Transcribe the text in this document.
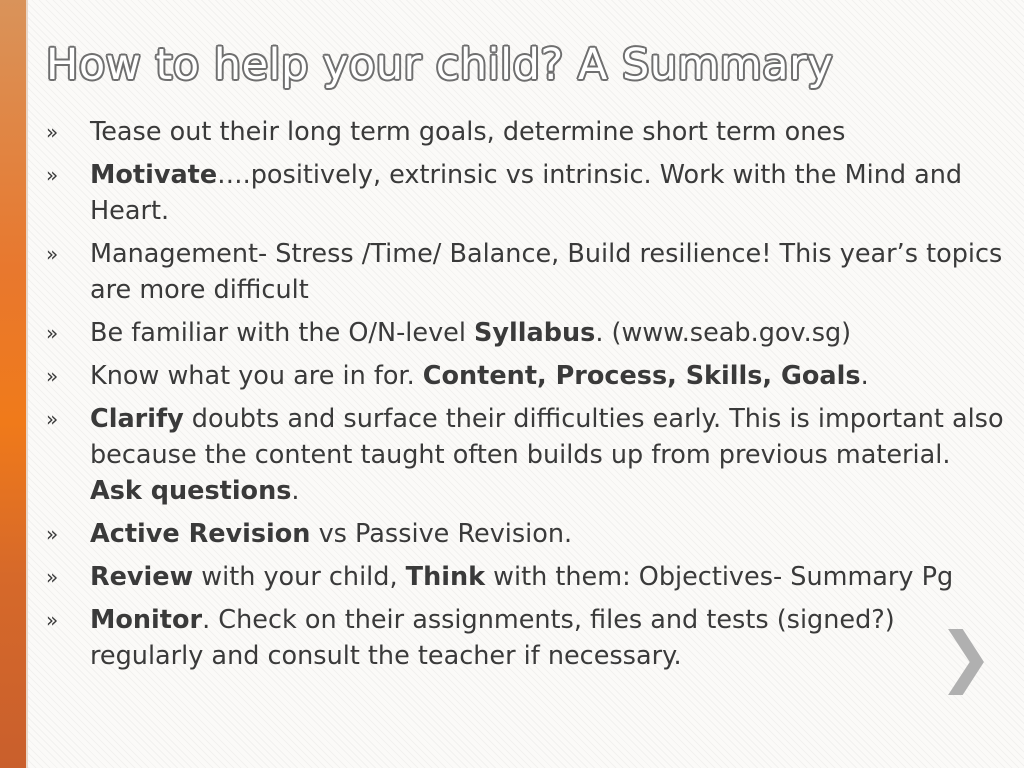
How to help your child? A Summary
» Tease out their long term goals, determine short term ones
» Motivate….positively, extrinsic vs intrinsic. Work with the Mind and Heart.
» Management- Stress /Time/ Balance, Build resilience! This year’s topics are more difficult
» Be familiar with the O/N-level Syllabus. (www.seab.gov.sg)
» Know what you are in for. Content, Process, Skills, Goals.
» Clarify doubts and surface their difficulties early. This is important also because the content taught often builds up from previous material. Ask questions.
» Active Revision vs Passive Revision.
» Review with your child, Think with them: Objectives- Summary Pg
» Monitor. Check on their assignments, files and tests (signed?) regularly and consult the teacher if necessary.	❯
